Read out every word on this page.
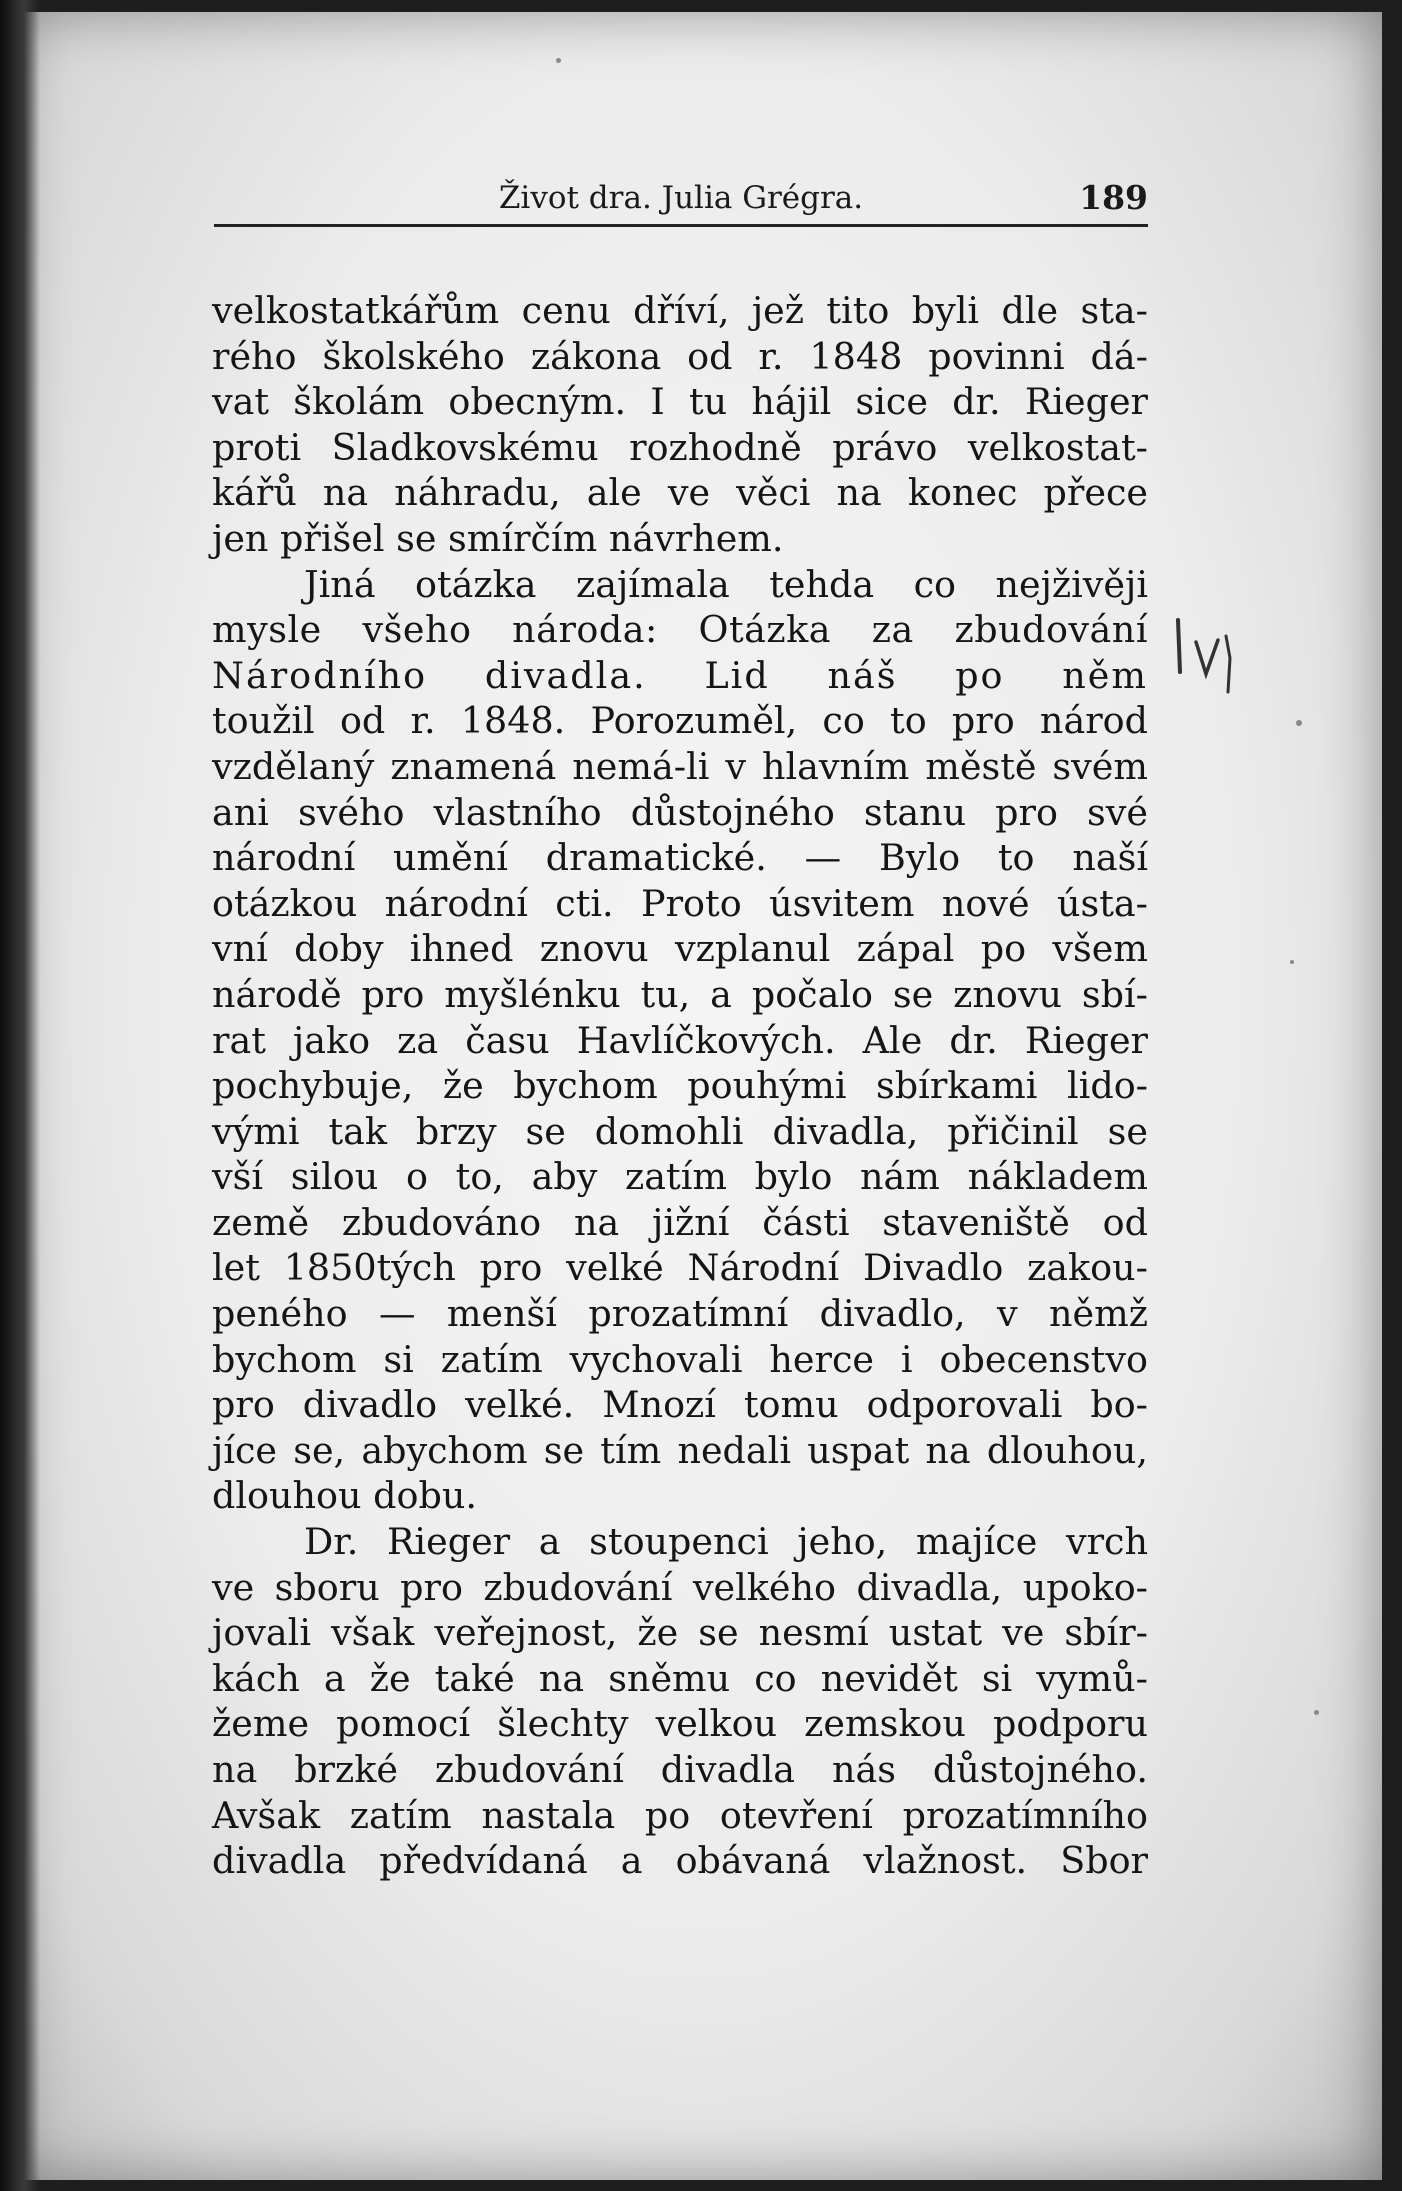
Život dra. Julia Grégra.	189
velkostatkářům cenu dříví, jež tito byli dle sta-
rého školského zákona od r. 1848 povinni dá-
vat školám obecným. I tu hájil sice dr. Rieger
proti Sladkovskému rozhodně právo velkostat-
kářů na náhradu, ale ve věci na konec přece
jen přišel se smírčím návrhem.
Jiná otázka zajímala tehda co nejživěji
mysle všeho národa: Otázka za zbudování
Národního divadla. Lid náš po něm
toužil od r. 1848. Porozuměl, co to pro národ
vzdělaný znamená nemá-li v hlavním městě svém
ani svého vlastního důstojného stanu pro své
národní umění dramatické. — Bylo to naší
otázkou národní cti. Proto úsvitem nové ústa-
vní doby ihned znovu vzplanul zápal po všem
národě pro myšlénku tu, a počalo se znovu sbí-
rat jako za času Havlíčkových. Ale dr. Rieger
pochybuje, že bychom pouhými sbírkami lido-
vými tak brzy se domohli divadla, přičinil se
vší silou o to, aby zatím bylo nám nákladem
země zbudováno na jižní části staveniště od
let 1850tých pro velké Národní Divadlo zakou-
peného — menší prozatímní divadlo, v němž
bychom si zatím vychovali herce i obecenstvo
pro divadlo velké. Mnozí tomu odporovali bo-
jíce se, abychom se tím nedali uspat na dlouhou,
dlouhou dobu.
Dr. Rieger a stoupenci jeho, majíce vrch
ve sboru pro zbudování velkého divadla, upoko-
jovali však veřejnost, že se nesmí ustat ve sbír-
kách a že také na sněmu co nevidět si vymů-
žeme pomocí šlechty velkou zemskou podporu
na brzké zbudování divadla nás důstojného.
Avšak zatím nastala po otevření prozatímního
divadla předvídaná a obávaná vlažnost. Sbor
